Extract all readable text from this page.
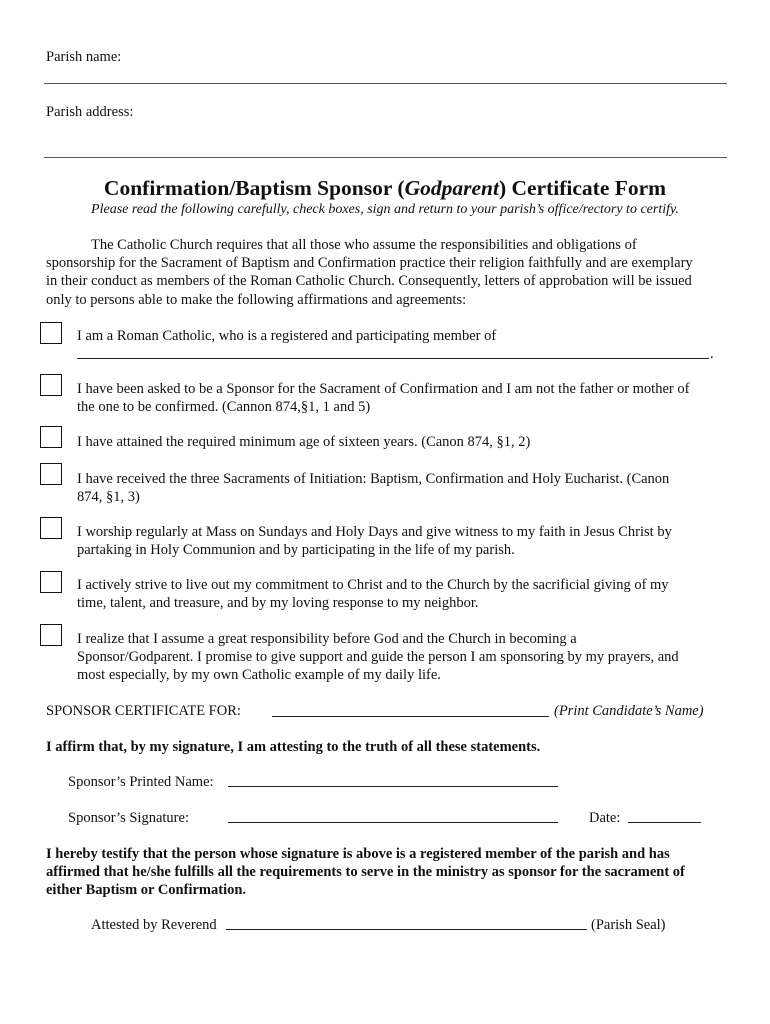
Parish name:
Parish address:
Confirmation/Baptism Sponsor (Godparent) Certificate Form
Please read the following carefully, check boxes, sign and return to your parish’s office/rectory to certify.
The Catholic Church requires that all those who assume the responsibilities and obligations of
sponsorship for the Sacrament of Baptism and Confirmation practice their religion faithfully and are exemplary
in their conduct as members of the Roman Catholic Church. Consequently, letters of approbation will be issued
only to persons able to make the following affirmations and agreements:
I am a Roman Catholic, who is a registered and participating member of
.
I have been asked to be a Sponsor for the Sacrament of Confirmation and I am not the father or mother of
the one to be confirmed. (Cannon 874,§1, 1 and 5)
I have attained the required minimum age of sixteen years. (Canon 874, §1, 2)
I have received the three Sacraments of Initiation: Baptism, Confirmation and Holy Eucharist. (Canon
874, §1, 3)
I worship regularly at Mass on Sundays and Holy Days and give witness to my faith in Jesus Christ by
partaking in Holy Communion and by participating in the life of my parish.
I actively strive to live out my commitment to Christ and to the Church by the sacrificial giving of my
time, talent, and treasure, and by my loving response to my neighbor.
I realize that I assume a great responsibility before God and the Church in becoming a
Sponsor/Godparent. I promise to give support and guide the person I am sponsoring by my prayers, and
most especially, by my own Catholic example of my daily life.
SPONSOR CERTIFICATE FOR:	(Print Candidate’s Name)
I affirm that, by my signature, I am attesting to the truth of all these statements.
Sponsor’s Printed Name:
Sponsor’s Signature:	Date:
I hereby testify that the person whose signature is above is a registered member of the parish and has
affirmed that he/she fulfills all the requirements to serve in the ministry as sponsor for the sacrament of
either Baptism or Confirmation.
Attested by Reverend	(Parish Seal)
